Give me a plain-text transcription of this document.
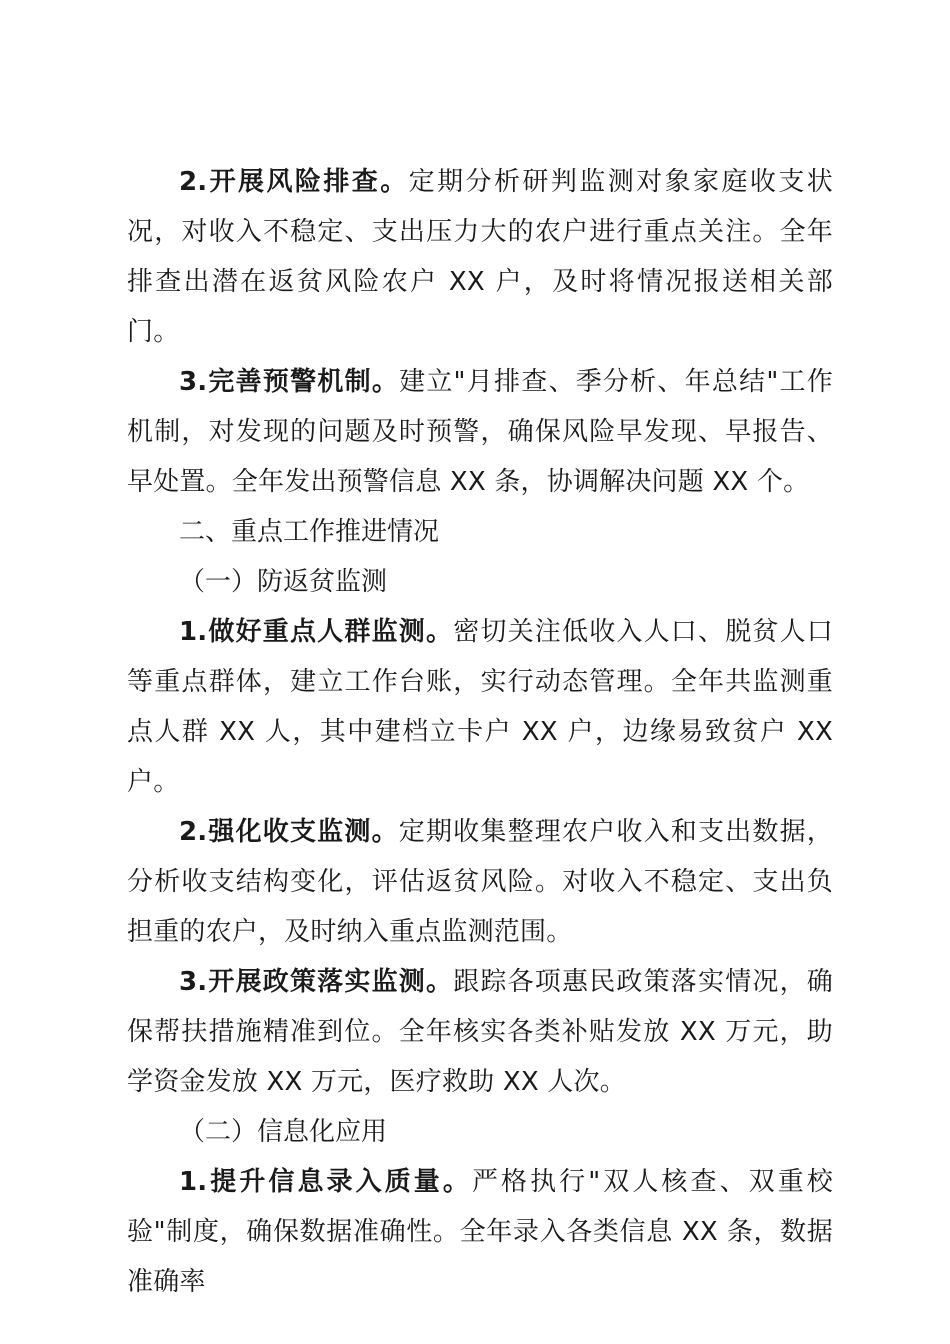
2.开展风险排查。定期分析研判监测对象家庭收支状况，对收入不稳定、支出压力大的农户进行重点关注。全年排查出潜在返贫风险农户 XX 户，及时将情况报送相关部门。

3.完善预警机制。建立"月排查、季分析、年总结"工作机制，对发现的问题及时预警，确保风险早发现、早报告、早处置。全年发出预警信息 XX 条，协调解决问题 XX 个。

二、重点工作推进情况

（一）防返贫监测

1.做好重点人群监测。密切关注低收入人口、脱贫人口等重点群体，建立工作台账，实行动态管理。全年共监测重点人群 XX 人，其中建档立卡户 XX 户，边缘易致贫户 XX 户。

2.强化收支监测。定期收集整理农户收入和支出数据，分析收支结构变化，评估返贫风险。对收入不稳定、支出负担重的农户，及时纳入重点监测范围。

3.开展政策落实监测。跟踪各项惠民政策落实情况，确保帮扶措施精准到位。全年核实各类补贴发放 XX 万元，助学资金发放 XX 万元，医疗救助 XX 人次。

（二）信息化应用

1.提升信息录入质量。严格执行"双人核查、双重校验"制度，确保数据准确性。全年录入各类信息 XX 条，数据准确率
